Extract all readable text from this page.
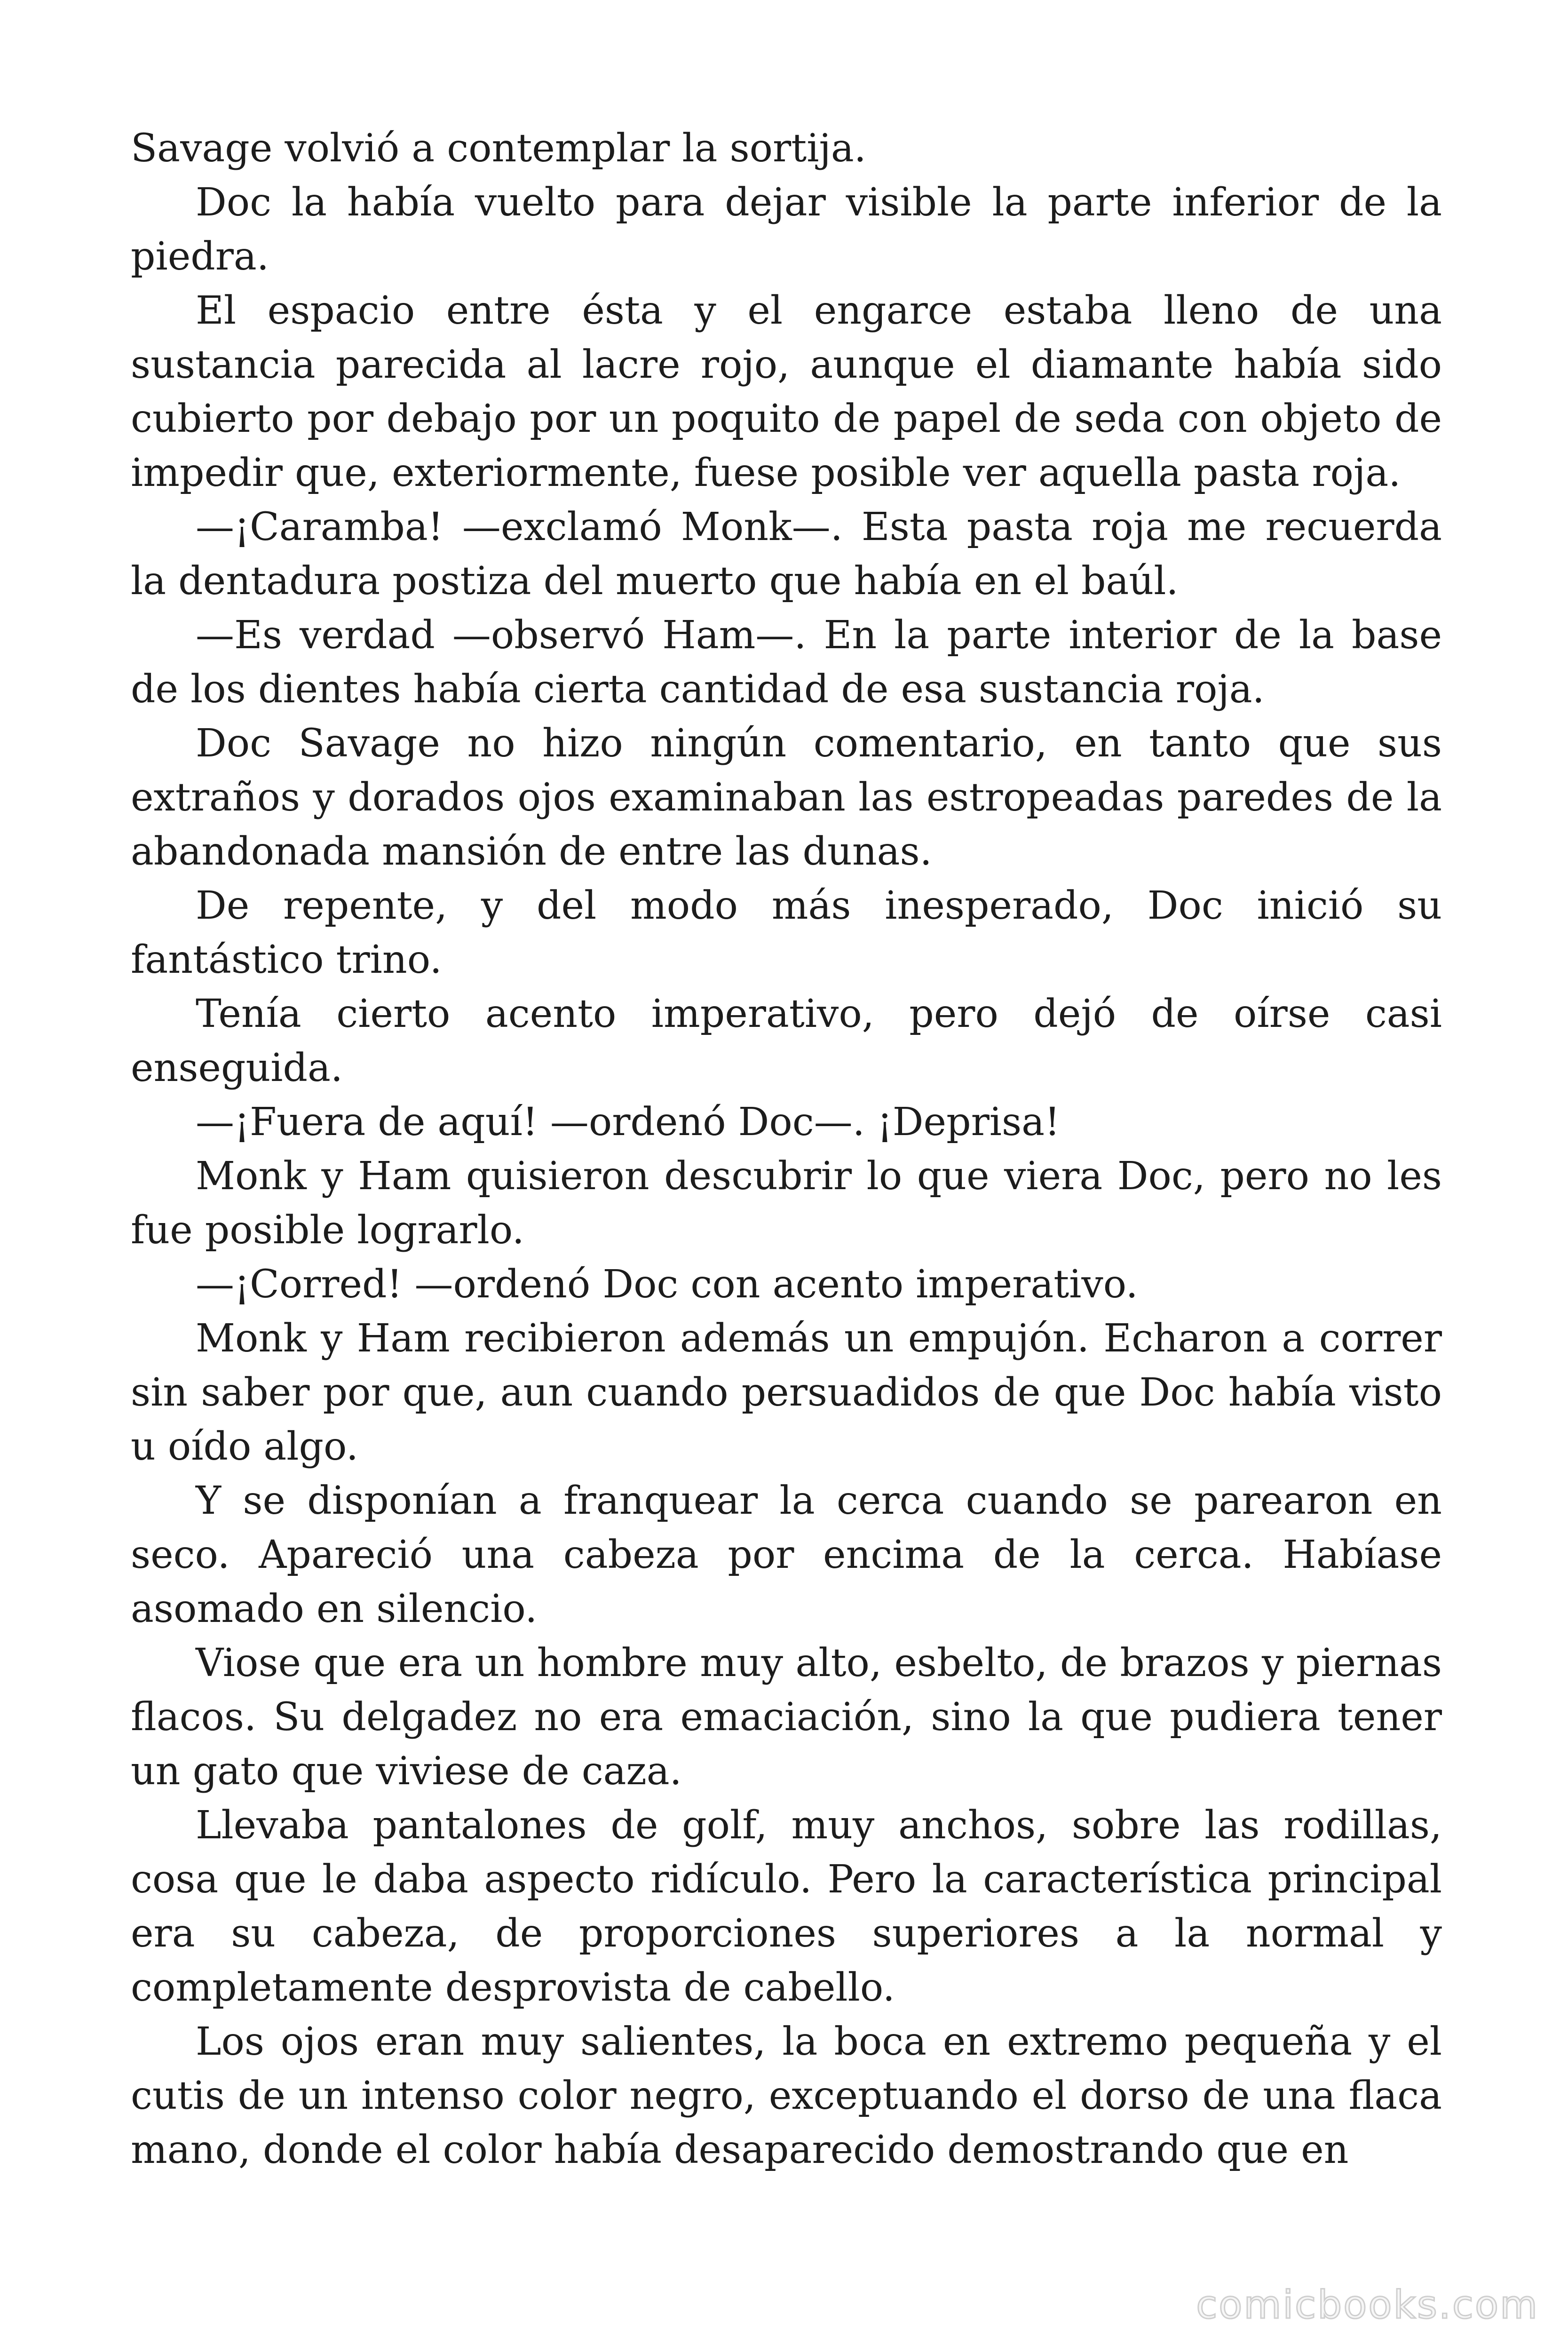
Savage volvió a contemplar la sortija.

Doc la había vuelto para dejar visible la parte inferior de la piedra.

El espacio entre ésta y el engarce estaba lleno de una sustancia parecida al lacre rojo, aunque el diamante había sido cubierto por debajo por un poquito de papel de seda con objeto de impedir que, exteriormente, fuese posible ver aquella pasta roja.

—¡Caramba! —exclamó Monk—. Esta pasta roja me recuerda la dentadura postiza del muerto que había en el baúl.

—Es verdad —observó Ham—. En la parte interior de la base de los dientes había cierta cantidad de esa sustancia roja.

Doc Savage no hizo ningún comentario, en tanto que sus extraños y dorados ojos examinaban las estropeadas paredes de la abandonada mansión de entre las dunas.

De repente, y del modo más inesperado, Doc inició su fantástico trino.

Tenía cierto acento imperativo, pero dejó de oírse casi enseguida.

—¡Fuera de aquí! —ordenó Doc—. ¡Deprisa!

Monk y Ham quisieron descubrir lo que viera Doc, pero no les fue posible lograrlo.

—¡Corred! —ordenó Doc con acento imperativo.

Monk y Ham recibieron además un empujón. Echaron a correr sin saber por que, aun cuando persuadidos de que Doc había visto u oído algo.

Y se disponían a franquear la cerca cuando se parearon en seco. Apareció una cabeza por encima de la cerca. Habíase asomado en silencio.

Viose que era un hombre muy alto, esbelto, de brazos y piernas flacos. Su delgadez no era emaciación, sino la que pudiera tener un gato que viviese de caza.

Llevaba pantalones de golf, muy anchos, sobre las rodillas, cosa que le daba aspecto ridículo. Pero la característica principal era su cabeza, de proporciones superiores a la normal y completamente desprovista de cabello.

Los ojos eran muy salientes, la boca en extremo pequeña y el cutis de un intenso color negro, exceptuando el dorso de una flaca mano, donde el color había desaparecido demostrando que en

comicbooks.com
